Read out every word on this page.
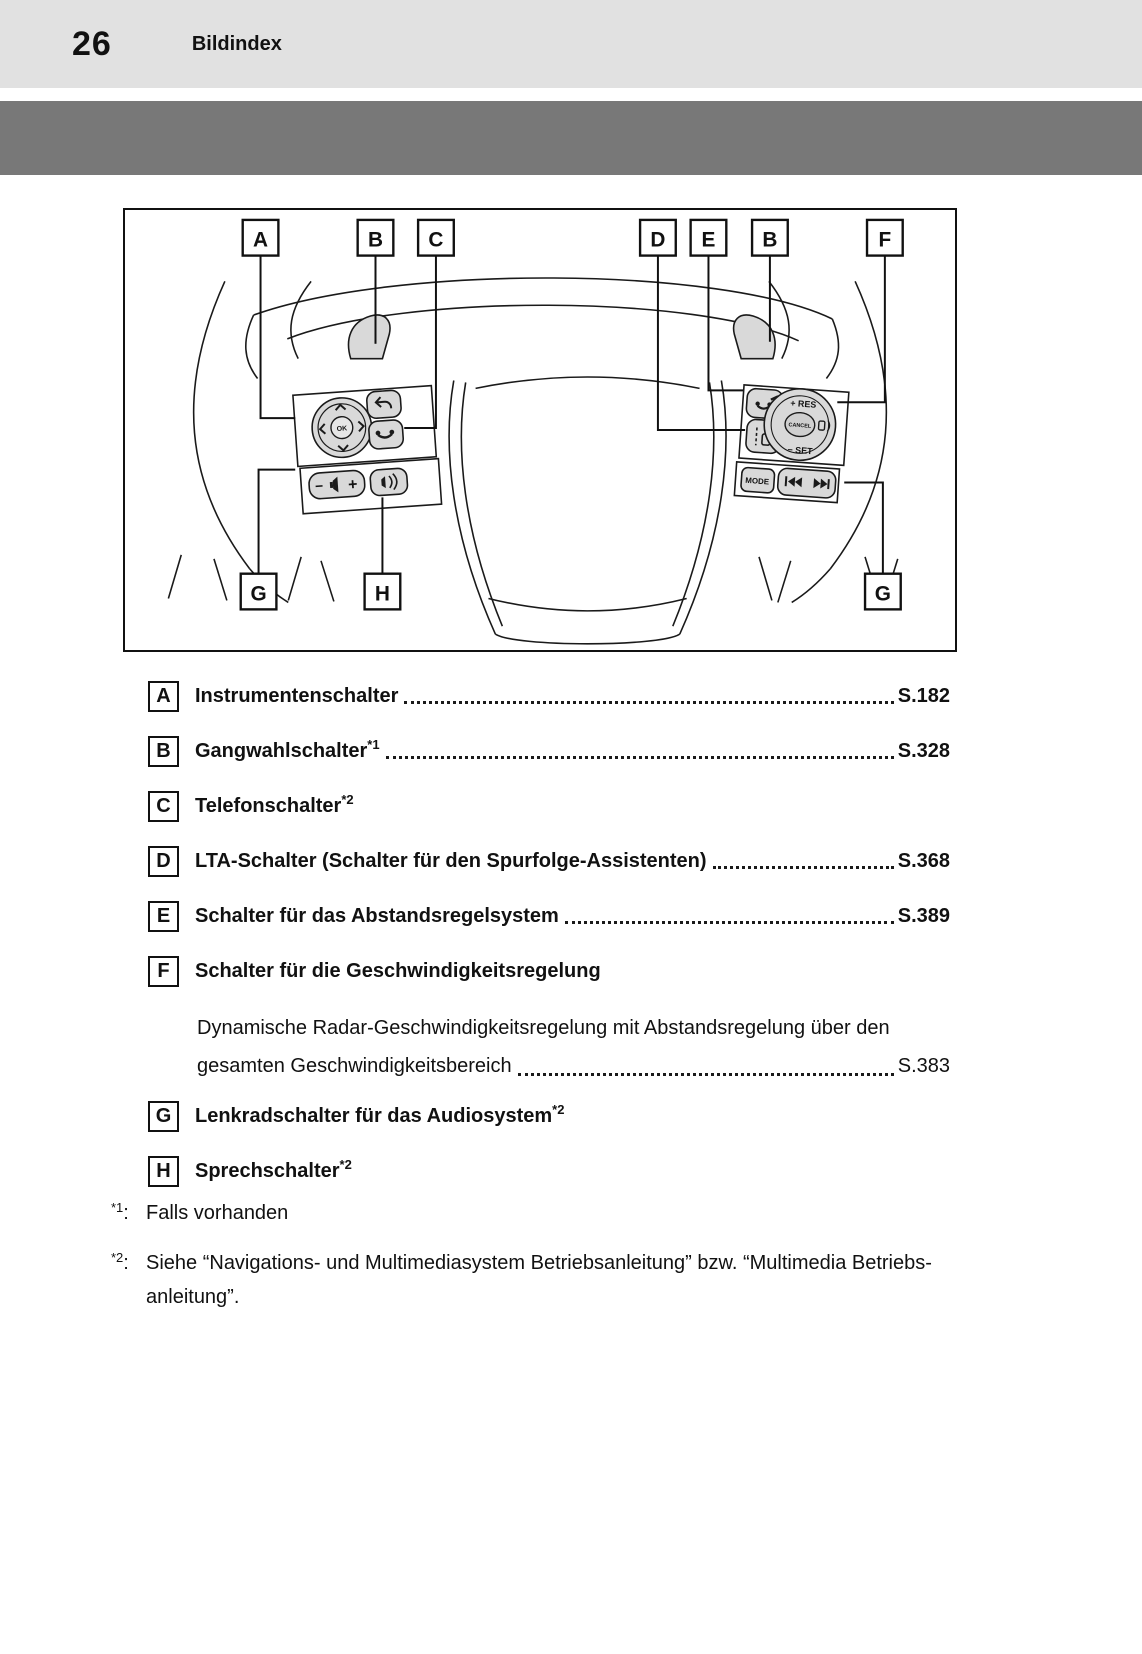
26	Bildindex
OK
− +
+ RES
− SET
CANCEL
MODE
A	B C	D E B	F
G	H	G
A	Instrumentenschalter	S.182
B	Gangwahlschalter$^{*1}$	S.328
C	Telefonschalter$^{*2}$
D	LTA-Schalter (Schalter für den Spurfolge-Assistenten)	S.368
E	Schalter für das Abstandsregelsystem	S.389
F	Schalter für die Geschwindigkeitsregelung
Dynamische Radar-Geschwindigkeitsregelung mit Abstandsregelung über den
gesamten Geschwindigkeitsbereich	S.383
G	Lenkradschalter für das Audiosystem$^{*2}$
H	Sprechschalter$^{*2}$
$^{*1}$: Falls vorhanden
$^{*2}$: Siehe “Navigations- und Multimediasystem Betriebsanleitung” bzw. “Multimedia Betriebs-
anleitung”.
